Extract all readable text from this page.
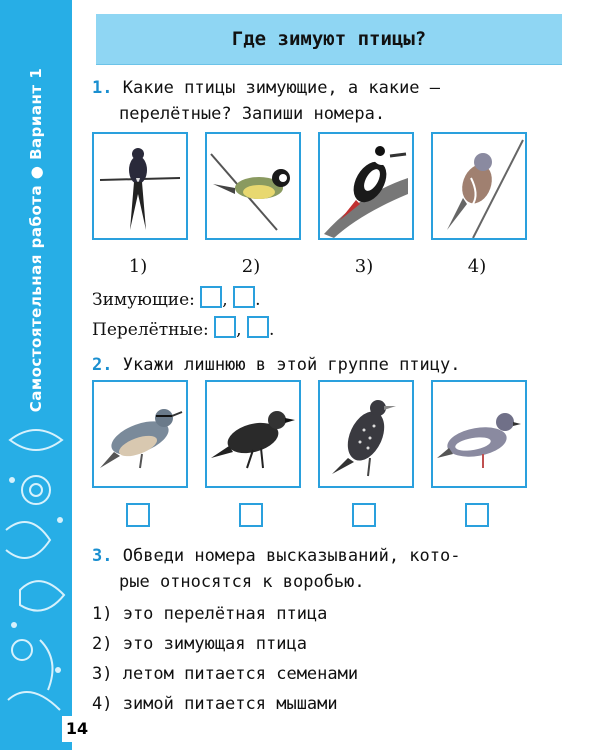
Самостоятельная работа ● Вариант 1
14
Где зимуют птицы?
1. Какие птицы зимующие, а какие —
перелётные? Запиши номера.
1)	2)	3)	4)
Зимующие: , .
Перелётные: , .
2. Укажи лишнюю в этой группе птицу.
3. Обведи номера высказываний, кото-
рые относятся к воробью.
1) это перелётная птица
2) это зимующая птица
3) летом питается семенами
4) зимой питается мышами
